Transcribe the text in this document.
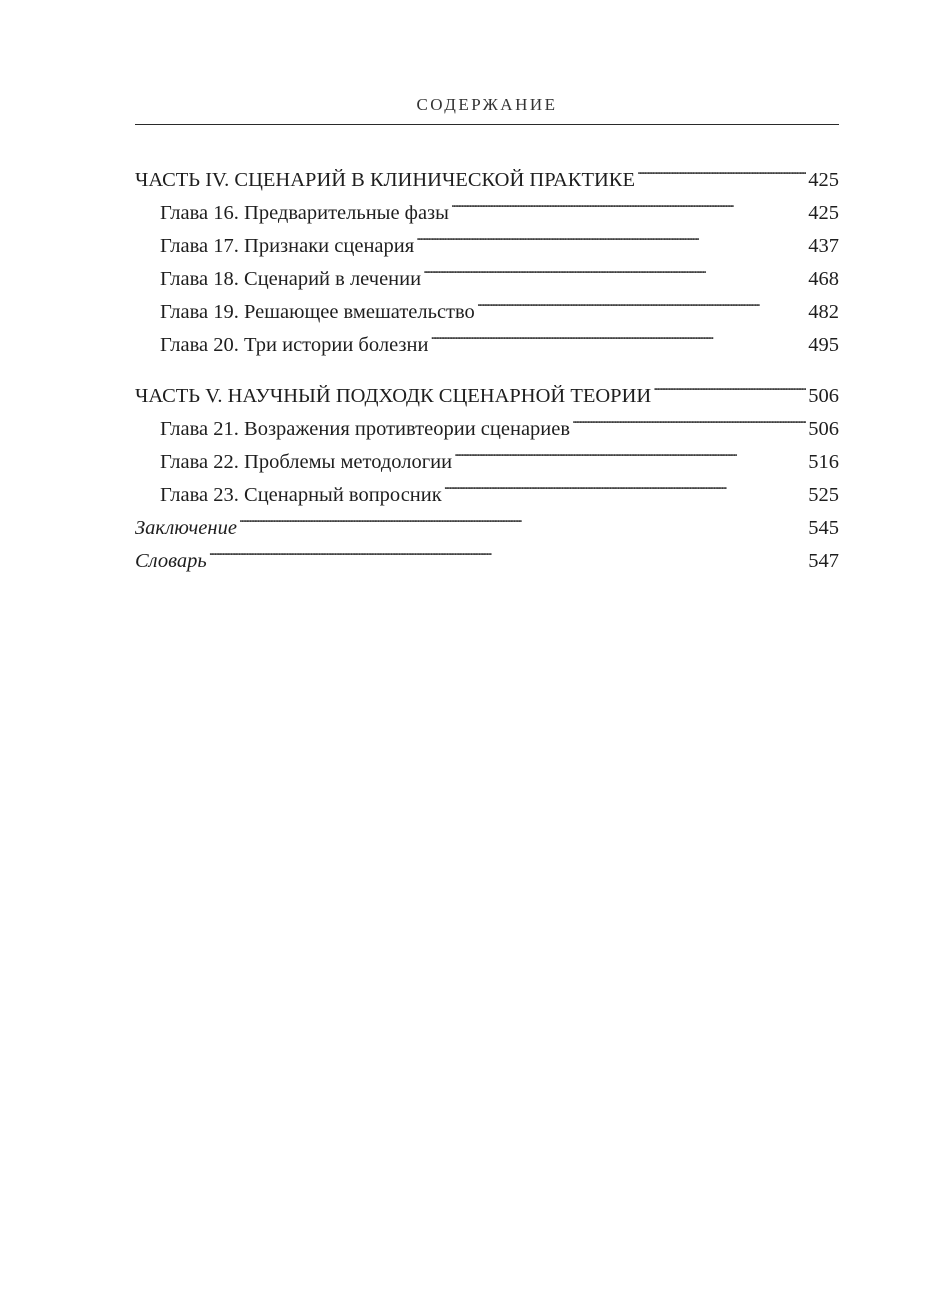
СОДЕРЖАНИЕ
ЧАСТЬ IV. СЦЕНАРИЙ В КЛИНИЧЕСКОЙ ПРАКТИКЕ . . .	425
Глава 16. Предварительные фазы . . .	425
Глава 17. Признаки сценария . . .	437
Глава 18. Сценарий в лечении . . .	468
Глава 19. Решающее вмешательство . . .	482
Глава 20. Три истории болезни . . .	495
ЧАСТЬ V. НАУЧНЫЙ ПОДХОДК СЦЕНАРНОЙ ТЕОРИИ . . .	506
Глава 21. Возражения противтеории сценариев . . .	506
Глава 22. Проблемы методологии . . .	516
Глава 23. Сценарный вопросник . . .	525
Заключение . . .	545
Словарь . . .	547
